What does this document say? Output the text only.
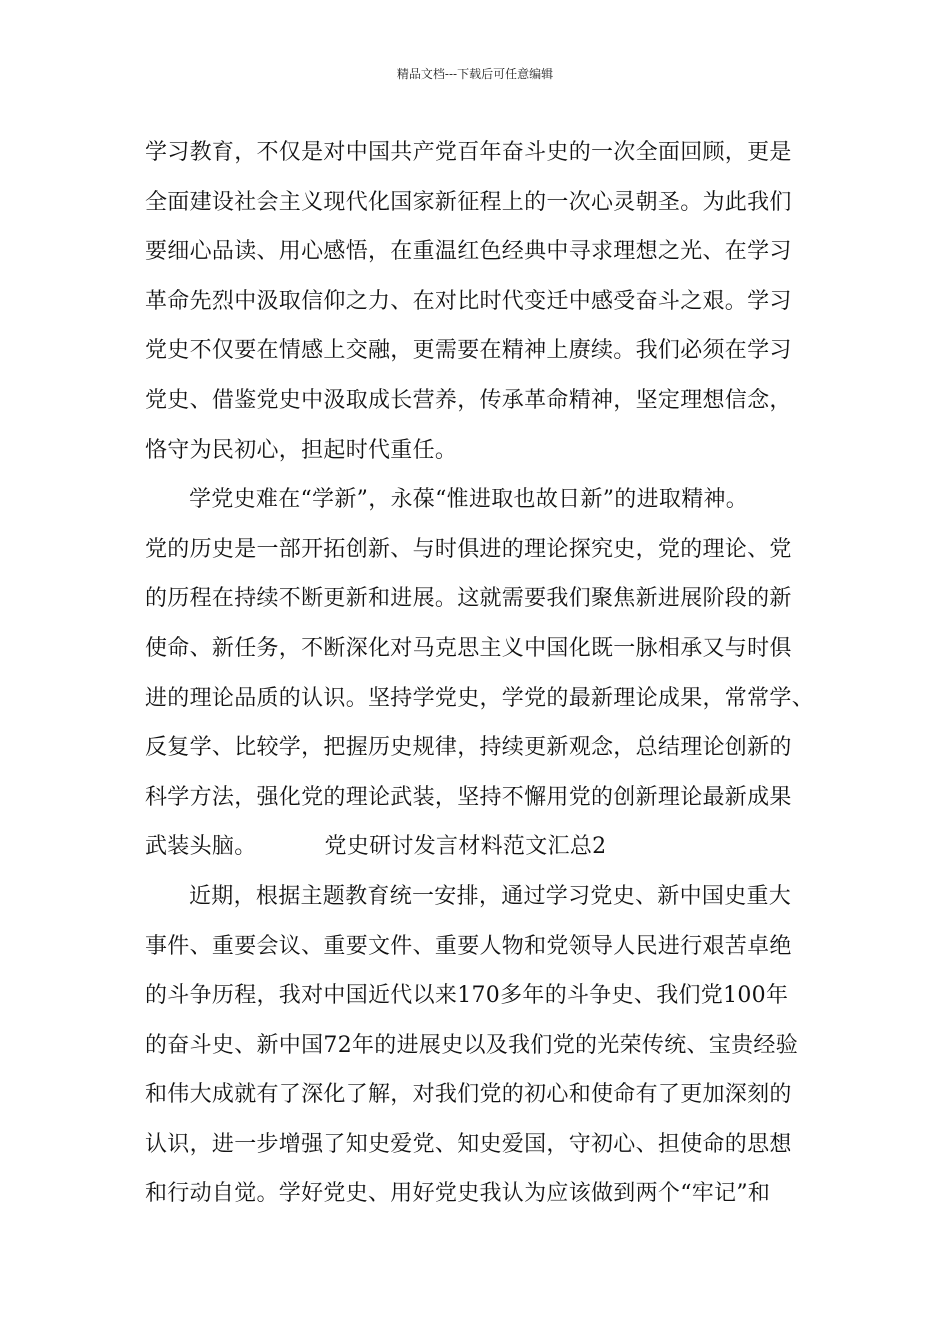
精品文档---下载后可任意编辑
学习教育，不仅是对中国共产党百年奋斗史的一次全面回顾，更是
全面建设社会主义现代化国家新征程上的一次心灵朝圣。为此我们
要细心品读、用心感悟，在重温红色经典中寻求理想之光、在学习
革命先烈中汲取信仰之力、在对比时代变迁中感受奋斗之艰。学习
党史不仅要在情感上交融，更需要在精神上赓续。我们必须在学习
党史、借鉴党史中汲取成长营养，传承革命精神，坚定理想信念，
恪守为民初心，担起时代重任。
学党史难在“学新”，永葆“惟进取也故日新”的进取精神。
党的历史是一部开拓创新、与时俱进的理论探究史，党的理论、党
的历程在持续不断更新和进展。这就需要我们聚焦新进展阶段的新
使命、新任务，不断深化对马克思主义中国化既一脉相承又与时俱
进的理论品质的认识。坚持学党史，学党的最新理论成果，常常学、
反复学、比较学，把握历史规律，持续更新观念，总结理论创新的
科学方法，强化党的理论武装，坚持不懈用党的创新理论最新成果
武装头脑。	党史研讨发言材料范文汇总2
近期，根据主题教育统一安排，通过学习党史、新中国史重大
事件、重要会议、重要文件、重要人物和党领导人民进行艰苦卓绝
的斗争历程，我对中国近代以来170多年的斗争史、我们党100年
的奋斗史、新中国72年的进展史以及我们党的光荣传统、宝贵经验
和伟大成就有了深化了解，对我们党的初心和使命有了更加深刻的
认识，进一步增强了知史爱党、知史爱国，守初心、担使命的思想
和行动自觉。学好党史、用好党史我认为应该做到两个“牢记”和
